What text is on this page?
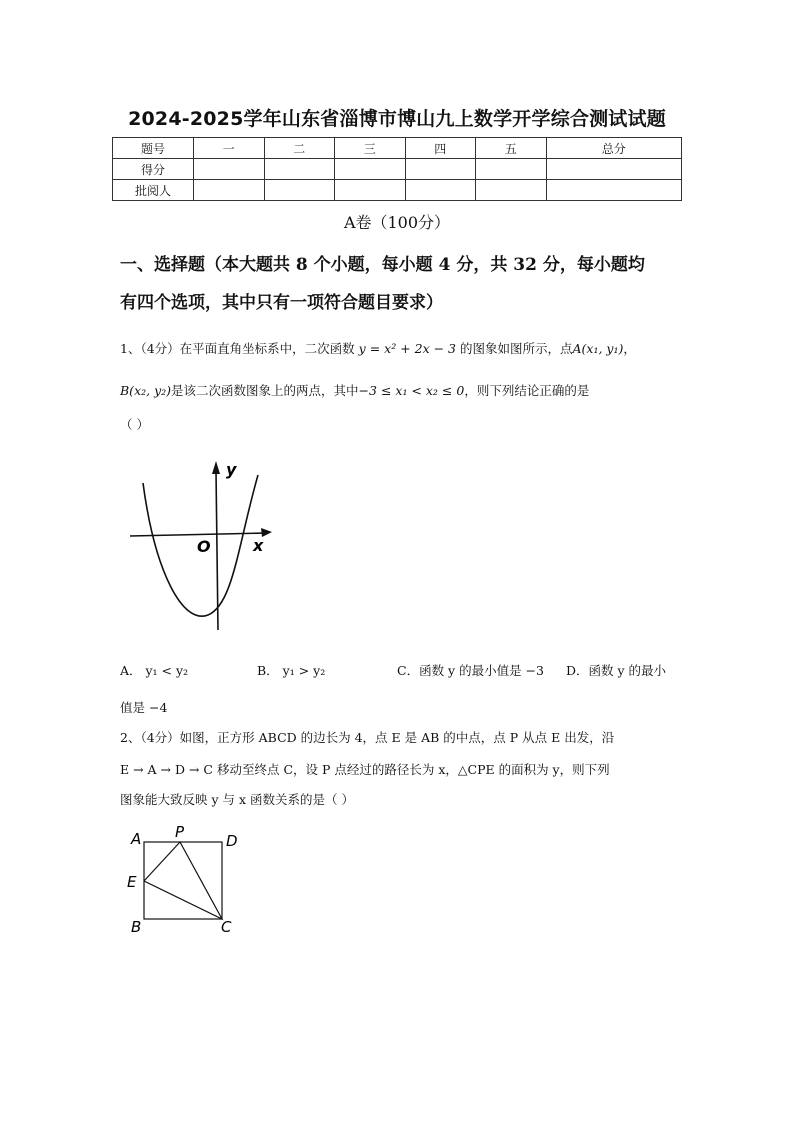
2024-2025学年山东省淄博市博山九上数学开学综合测试试题
题号	一	二	三	四	五	总分
得分						
批阅人						
A卷（100分）
一、选择题（本大题共 8 个小题，每小题 4 分，共 32 分，每小题均
有四个选项，其中只有一项符合题目要求）
1、（4分）在平面直角坐标系中，二次函数 y = x² + 2x − 3 的图象如图所示，点A(x₁, y₁)，
B(x₂, y₂)是该二次函数图象上的两点，其中−3 ≤ x₁ < x₂ ≤ 0，则下列结论正确的是
（ ）
y
x
O
A． y₁ < y₂	B． y₁ > y₂	C．函数 y 的最小值是 −3 D．函数 y 的最小
值是 −4
2、（4分）如图，正方形 ABCD 的边长为 4，点 E 是 AB 的中点，点 P 从点 E 出发，沿
E → A → D → C 移动至终点 C，设 P 点经过的路径长为 x，△CPE 的面积为 y，则下列
图象能大致反映 y 与 x 函数关系的是（ ）
A P	D
E
B	C
